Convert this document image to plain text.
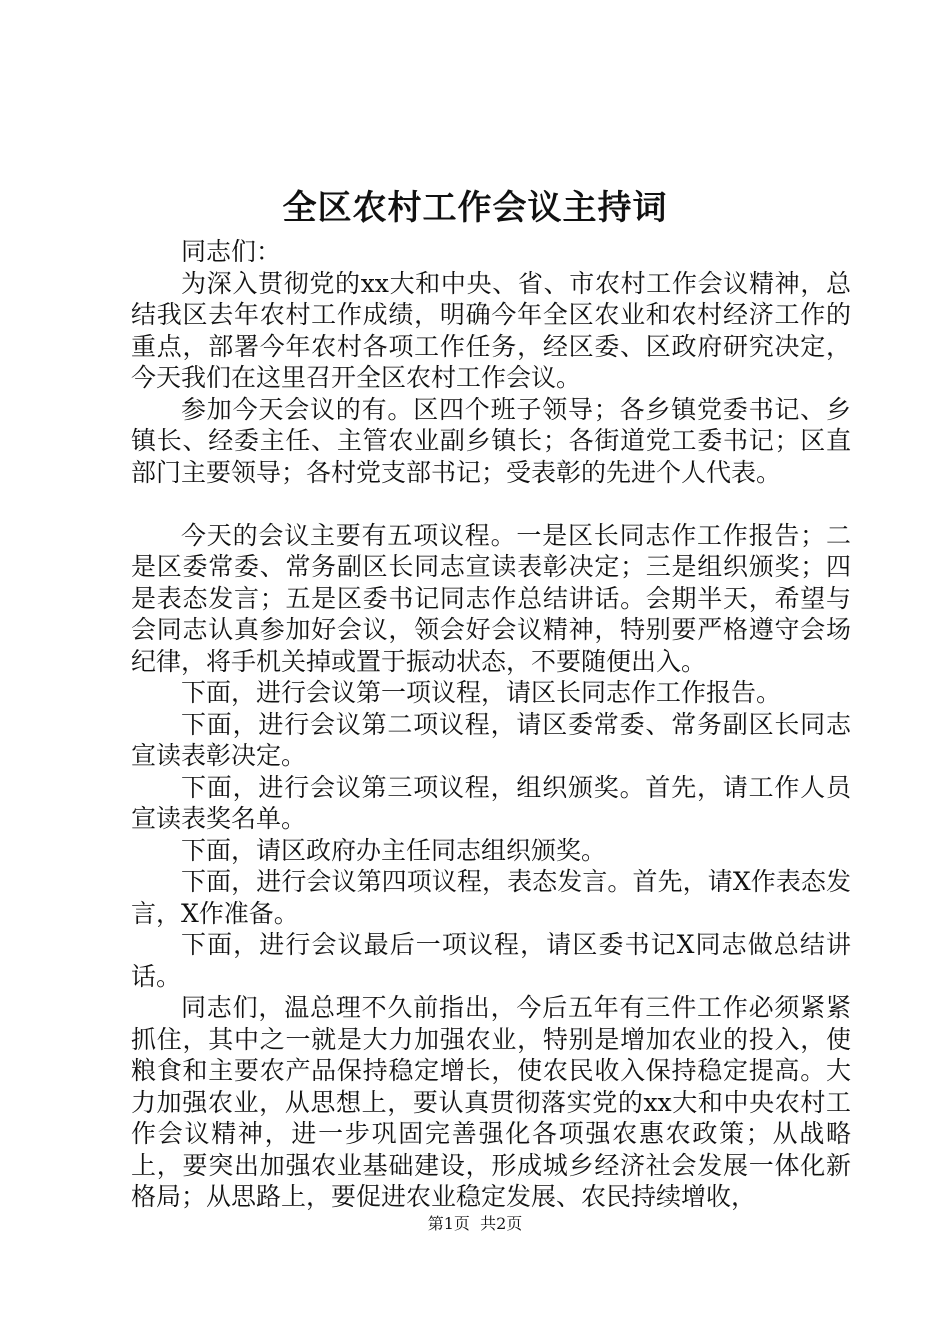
全区农村工作会议主持词

同志们：

为深入贯彻党的xx大和中央、省、市农村工作会议精神，总结我区去年农村工作成绩，明确今年全区农业和农村经济工作的重点，部署今年农村各项工作任务，经区委、区政府研究决定，今天我们在这里召开全区农村工作会议。

参加今天会议的有。区四个班子领导；各乡镇党委书记、乡镇长、经委主任、主管农业副乡镇长；各街道党工委书记；区直部门主要领导；各村党支部书记；受表彰的先进个人代表。

今天的会议主要有五项议程。一是区长同志作工作报告；二是区委常委、常务副区长同志宣读表彰决定；三是组织颁奖；四是表态发言；五是区委书记同志作总结讲话。会期半天，希望与会同志认真参加好会议，领会好会议精神，特别要严格遵守会场纪律，将手机关掉或置于振动状态，不要随便出入。

下面，进行会议第一项议程，请区长同志作工作报告。

下面，进行会议第二项议程，请区委常委、常务副区长同志宣读表彰决定。

下面，进行会议第三项议程，组织颁奖。首先，请工作人员宣读表奖名单。

下面，请区政府办主任同志组织颁奖。

下面，进行会议第四项议程，表态发言。首先，请X作表态发言，X作准备。

下面，进行会议最后一项议程，请区委书记X同志做总结讲话。

同志们，温总理不久前指出，今后五年有三件工作必须紧紧抓住，其中之一就是大力加强农业，特别是增加农业的投入，使粮食和主要农产品保持稳定增长，使农民收入保持稳定提高。大力加强农业，从思想上，要认真贯彻落实党的xx大和中央农村工作会议精神，进一步巩固完善强化各项强农惠农政策；从战略上，要突出加强农业基础建设，形成城乡经济社会发展一体化新格局；从思路上，要促进农业稳定发展、农民持续增收，

第1页 共2页
